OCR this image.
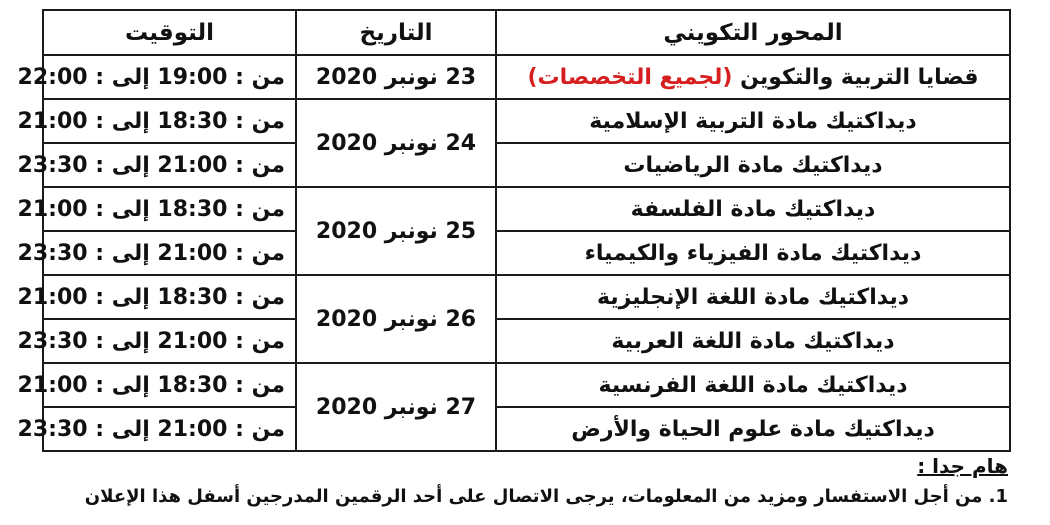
التوقيت	التاريخ	المحور التكويني
من : 19:00 إلى : 22:00	23 نونبر 2020	قضايا التربية والتكوين (لجميع التخصصات)
من : 18:30 إلى : 21:00	24 نونبر 2020	ديداكتيك مادة التربية الإسلامية
من : 21:00 إلى : 23:30		ديداكتيك مادة الرياضيات
من : 18:30 إلى : 21:00	25 نونبر 2020	ديداكتيك مادة الفلسفة
من : 21:00 إلى : 23:30		ديداكتيك مادة الفيزياء والكيمياء
من : 18:30 إلى : 21:00	26 نونبر 2020	ديداكتيك مادة اللغة الإنجليزية
من : 21:00 إلى : 23:30		ديداكتيك مادة اللغة العربية
من : 18:30 إلى : 21:00	27 نونبر 2020	ديداكتيك مادة اللغة الفرنسية
من : 21:00 إلى : 23:30		ديداكتيك مادة علوم الحياة والأرض
هام جدا :
1. من أجل الاستفسار ومزيد من المعلومات، يرجى الاتصال على أحد الرقمين المدرجين أسفل هذا الإعلان
